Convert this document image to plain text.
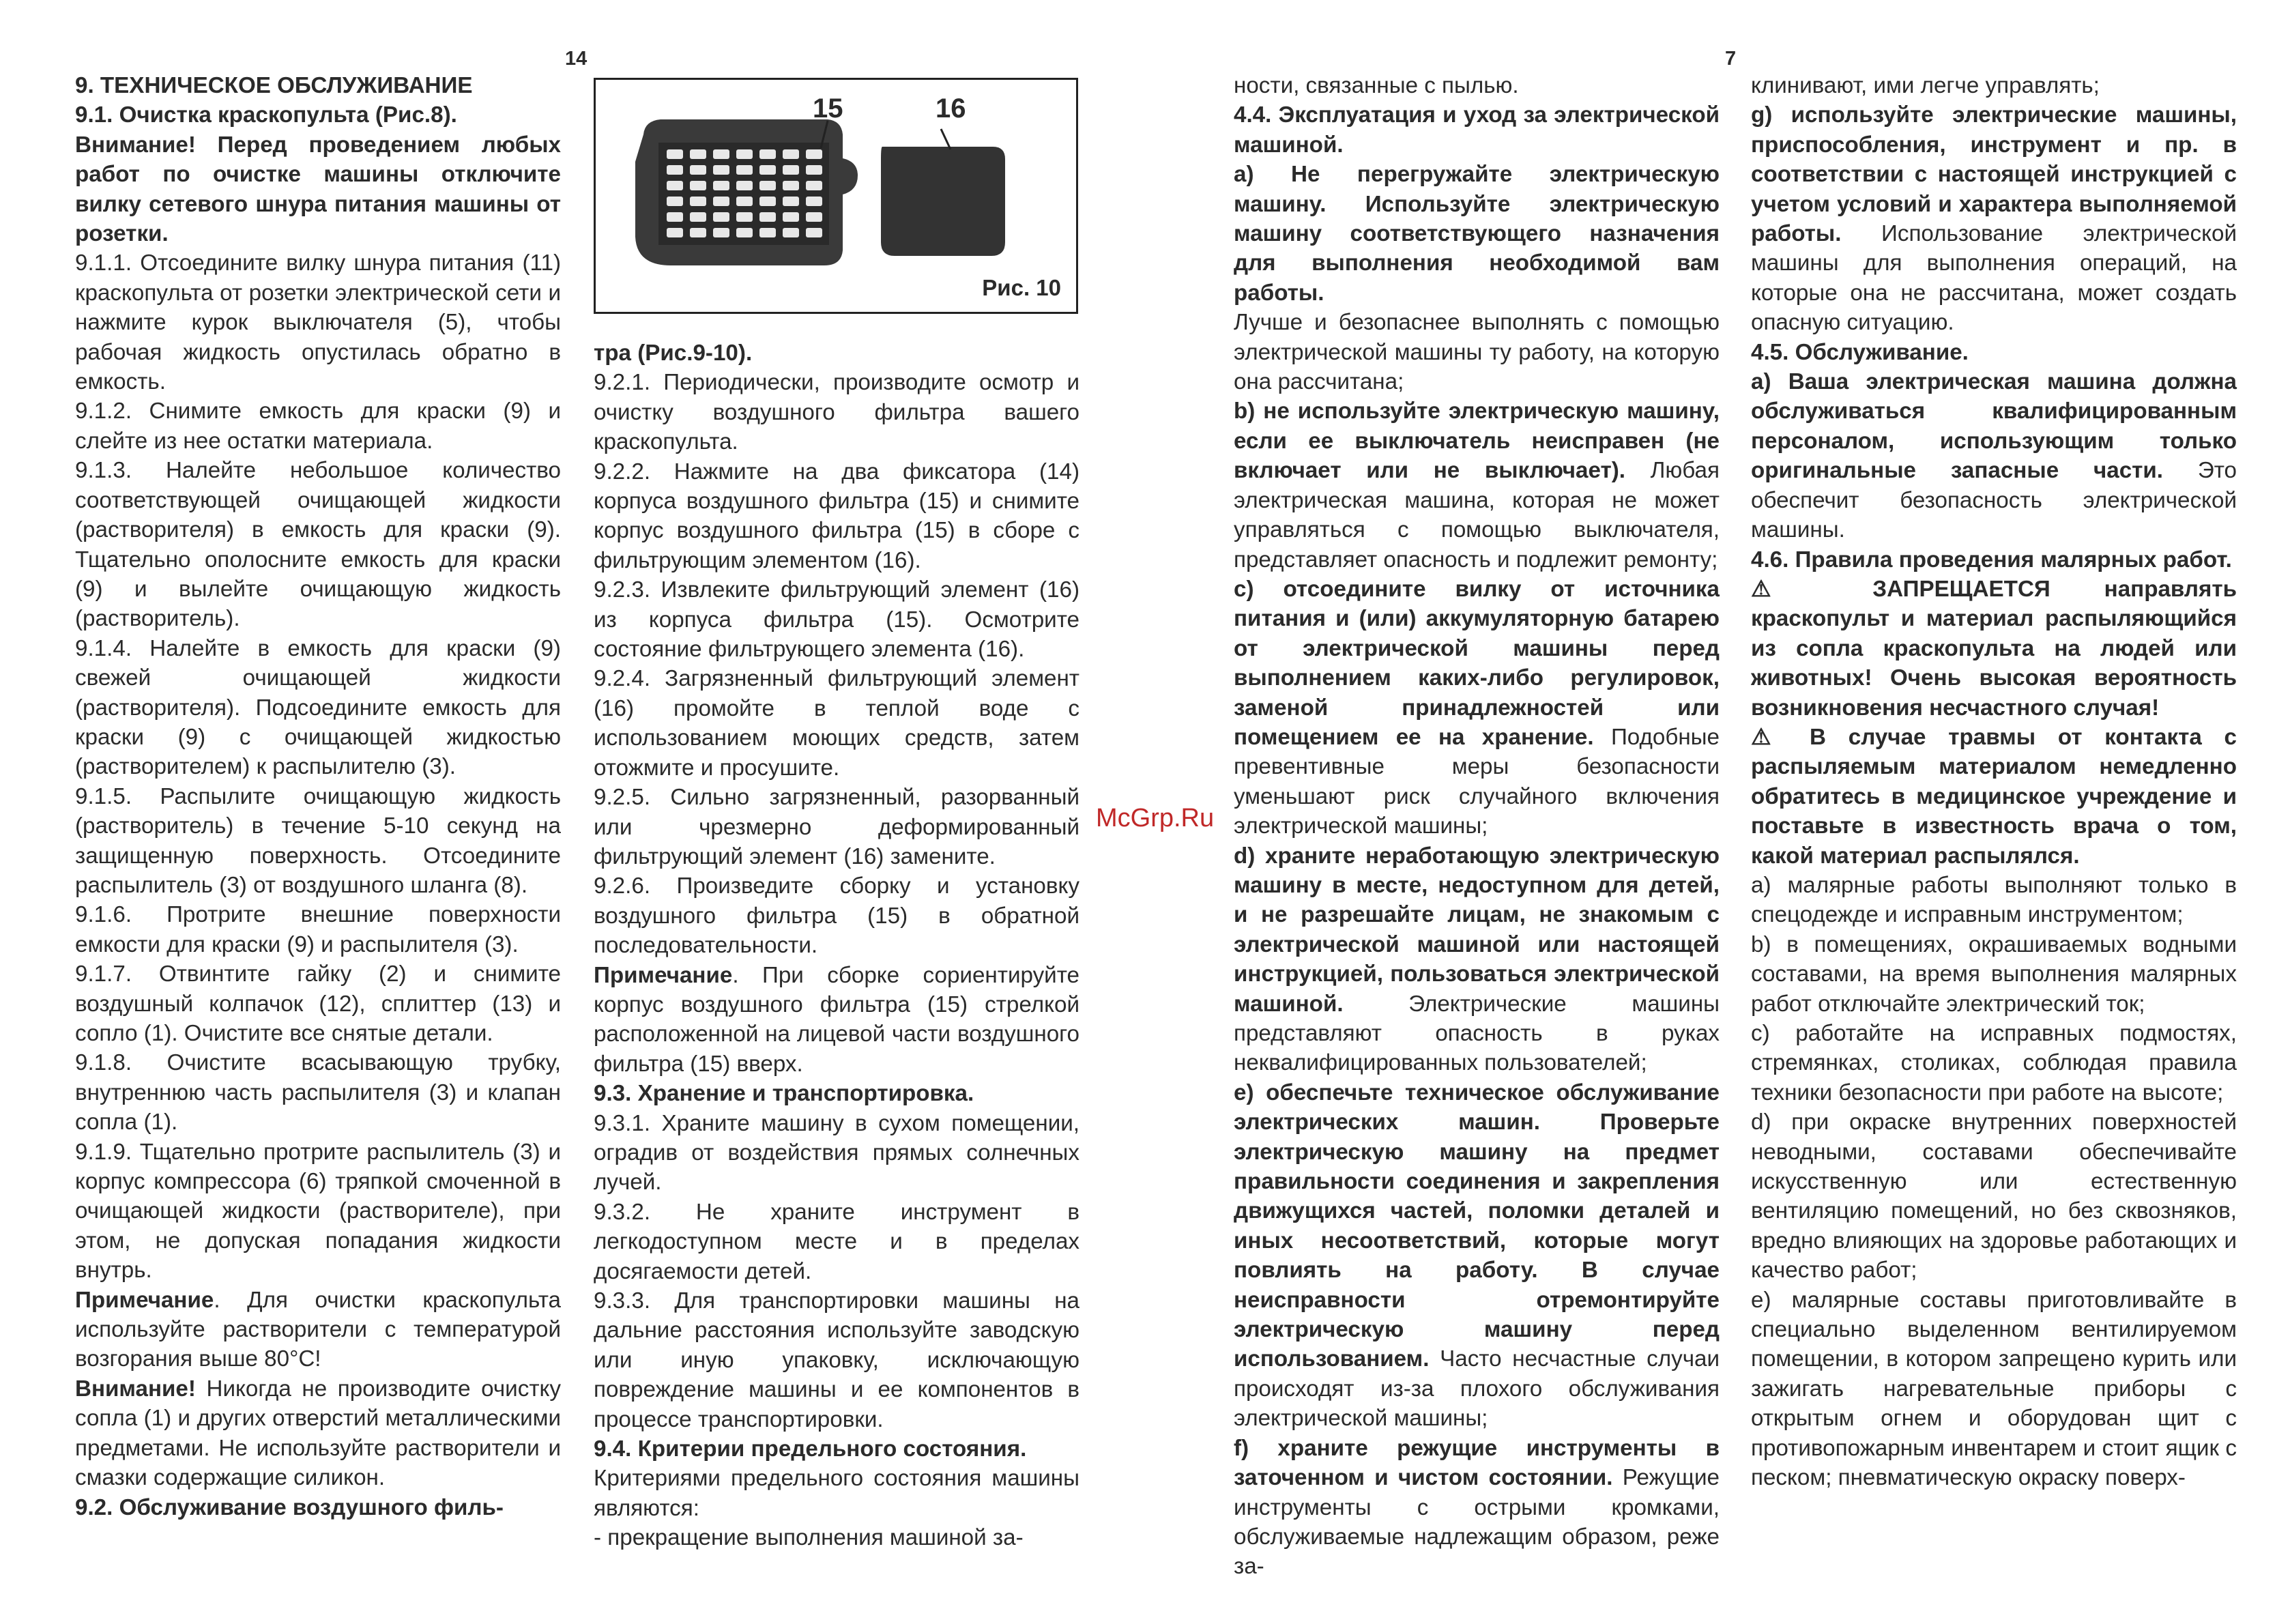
14	7
15	16
Рис. 10

9. ТЕХНИЧЕСКОЕ ОБСЛУЖИВАНИЕ

9.1. Очистка краскопульта (Рис.8).

Внимание! Перед проведением любых работ по очистке машины отключите вилку сетевого шнура питания машины от розетки.

9.1.1. Отсоедините вилку шнура питания (11) краскопульта от розетки электрической сети и нажмите курок выключателя (5), чтобы рабочая жидкость опустилась обратно в емкость.

9.1.2. Снимите емкость для краски (9) и слейте из нее остатки материала.

9.1.3. Налейте небольшое количество соответствующей очищающей жидкости (растворителя) в емкость для краски (9). Тщательно ополосните емкость для краски (9) и вылейте очищающую жидкость (растворитель).

9.1.4. Налейте в емкость для краски (9) свежей очищающей жидкости (растворителя). Подсоедините емкость для краски (9) с очищающей жидкостью (растворителем) к распылителю (3).

9.1.5. Распылите очищающую жидкость (растворитель) в течение 5-10 секунд на защищенную поверхность. Отсоедините распылитель (3) от воздушного шланга (8).

9.1.6. Протрите внешние поверхности емкости для краски (9) и распылителя (3).

9.1.7. Отвинтите гайку (2) и снимите воздушный колпачок (12), сплиттер (13) и сопло (1). Очистите все снятые детали.

9.1.8. Очистите всасывающую трубку, внутреннюю часть распылителя (3) и клапан сопла (1).

9.1.9. Тщательно протрите распылитель (3) и корпус компрессора (6) тряпкой смоченной в очищающей жидкости (растворителе), при этом, не допуская попадания жидкости внутрь.

Примечание. Для очистки краскопульта используйте растворители с температурой возгорания выше 80°С!

Внимание! Никогда не производите очистку сопла (1) и других отверстий металлическими предметами. Не используйте растворители и смазки содержащие силикон.

9.2. Обслуживание воздушного филь-

тра (Рис.9-10).

9.2.1. Периодически, производите осмотр и очистку воздушного фильтра вашего краскопульта.

9.2.2. Нажмите на два фиксатора (14) корпуса воздушного фильтра (15) и снимите корпус воздушного фильтра (15) в сборе с фильтрующим элементом (16).

9.2.3. Извлеките фильтрующий элемент (16) из корпуса фильтра (15). Осмотрите состояние фильтрующего элемента (16).

9.2.4. Загрязненный фильтрующий элемент (16) промойте в теплой воде с использованием моющих средств, затем отожмите и просушите.

9.2.5. Сильно загрязненный, разорванный или чрезмерно деформированный фильтрующий элемент (16) замените.

9.2.6. Произведите сборку и установку воздушного фильтра (15) в обратной последовательности.

Примечание. При сборке сориентируйте корпус воздушного фильтра (15) стрелкой расположенной на лицевой части воздушного фильтра (15) вверх.

9.3. Хранение и транспортировка.

9.3.1. Храните машину в сухом помещении, оградив от воздействия прямых солнечных лучей.

9.3.2. Не храните инструмент в легкодоступном месте и в пределах досягаемости детей.

9.3.3. Для транспортировки машины на дальние расстояния используйте заводскую или иную упаковку, исключающую повреждение машины и ее компонентов в процессе транспортировки.

9.4. Критерии предельного состояния.

Критериями предельного состояния машины являются:

- прекращение выполнения машиной за-

ности, связанные с пылью.

4.4. Эксплуатация и уход за электрической машиной.

а) Не перегружайте электрическую машину. Используйте электрическую машину соответствующего назначения для выполнения необходимой вам работы.

Лучше и безопаснее выполнять с помощью электрической машины ту работу, на которую она рассчитана;

b) не используйте электрическую машину, если ее выключатель неисправен (не включает или не выключает). Любая электрическая машина, которая не может управляться с помощью выключателя, представляет опасность и подлежит ремонту;

c) отсоедините вилку от источника питания и (или) аккумуляторную батарею от электрической машины перед выполнением каких-либо регулировок, заменой принадлежностей или помещением ее на хранение. Подобные превентивные меры безопасности уменьшают риск случайного включения электрической машины;

d) храните неработающую электрическую машину в месте, недоступном для детей, и не разрешайте лицам, не знакомым с электрической машиной или настоящей инструкцией, пользоваться электрической машиной. Электрические машины представляют опасность в руках неквалифицированных пользователей;

е) обеспечьте техническое обслуживание электрических машин. Проверьте электрическую машину на предмет правильности соединения и закрепления движущихся частей, поломки деталей и иных несоответствий, которые могут повлиять на работу. В случае неисправности отремонтируйте электрическую машину перед использованием. Часто несчастные случаи происходят из-за плохого обслуживания электрической машины;

f) храните режущие инструменты в заточенном и чистом состоянии. Режущие инструменты с острыми кромками, обслуживаемые надлежащим образом, реже за-

клинивают, ими легче управлять;

g) используйте электрические машины, приспособления, инструмент и пр. в соответствии с настоящей инструкцией с учетом условий и характера выполняемой работы. Использование электрической машины для выполнения операций, на которые она не рассчитана, может создать опасную ситуацию.

4.5. Обслуживание.

а) Ваша электрическая машина должна обслуживаться квалифицированным персоналом, использующим только оригинальные запасные части. Это обеспечит безопасность электрической машины.

4.6. Правила проведения малярных работ.

⚠ ЗАПРЕЩАЕТСЯ направлять краскопульт и материал распыляющийся из сопла краскопульта на людей или животных! Очень высокая вероятность возникновения несчастного случая!

⚠ В случае травмы от контакта с распыляемым материалом немедленно обратитесь в медицинское учреждение и поставьте в известность врача о том, какой материал распылялся.

а) малярные работы выполняют только в спецодежде и исправным инструментом;

b) в помещениях, окрашиваемых водными составами, на время выполнения малярных работ отключайте электрический ток;

c) работайте на исправных подмостях, стремянках, столиках, соблюдая правила техники безопасности при работе на высоте;

d) при окраске внутренних поверхностей неводными, составами обеспечивайте искусственную или естественную вентиляцию помещений, но без сквозняков, вредно влияющих на здоровье работающих и качество работ;

е) малярные составы приготовливайте в специально выделенном вентилируемом помещении, в котором запрещено курить или зажигать нагревательные приборы с открытым огнем и оборудован щит с противопожарным инвентарем и стоит ящик с песком; пневматическую окраску поверх-

McGrp.Ru
